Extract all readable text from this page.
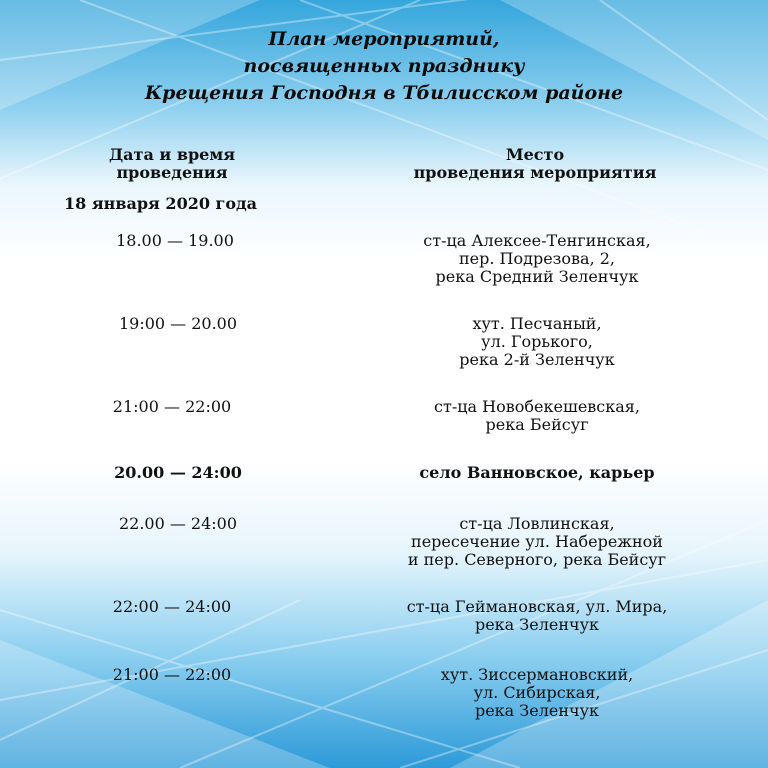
План мероприятий,
посвященных празднику
Крещения Господня в Тбилисском районе
Дата и время
проведения
Место
проведения мероприятия
18 января 2020 года
18.00 — 19.00	ст-ца Алексее-Тенгинская,
пер. Подрезова, 2,
река Средний Зеленчук
19:00 — 20.00	хут. Песчаный,
ул. Горького,
река 2-й Зеленчук
21:00 — 22:00	ст-ца Новобекешевская,
река Бейсуг
20.00 — 24:00	село Ванновское, карьер
22.00 — 24:00	ст-ца Ловлинская,
пересечение ул. Набережной
и пер. Северного, река Бейсуг
22:00 — 24:00	ст-ца Геймановская, ул. Мира,
река Зеленчук
21:00 — 22:00	хут. Зиссермановский,
ул. Сибирская,
река Зеленчук
